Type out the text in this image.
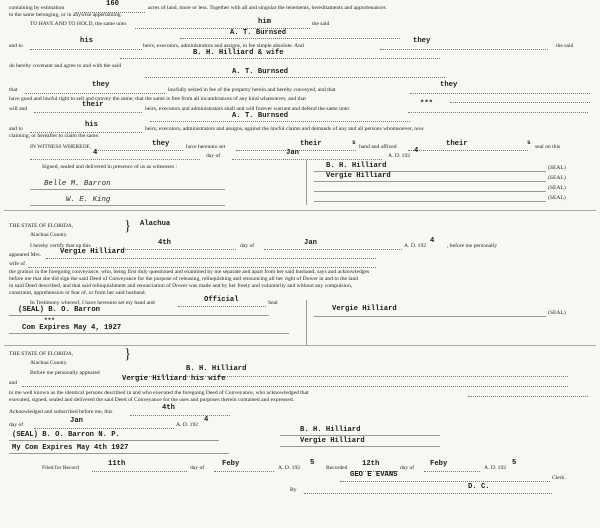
containing by estimation	160	acres of land, more or less. Together with all and singular the tenements, hereditaments and appurtenances
to the same belonging, or in anywise appertaining.
TO HAVE AND TO HOLD, the same unto	him	the said
A. T. Burnsed
and to
his
heirs, executors, administrators and assigns, in fee simple absolute. And
they
the said
B. H. Hilliard & wife
do hereby covenant and agree to and with the said
A. T. Burnsed
that
they
lawfully seized in fee of the property herein and hereby conveyed, and that
they
have good and lawful right to sell and convey the same; that the same is free from all incumbrances of any kind whatsoever, and that
will and	their	heirs, executors and administrators shall and will forever warrant and defend the same unto
***
A. T. Burnsed
and to	his	heirs, executors, administrators and assigns, against the lawful claims and demands of any and all persons whomsoever, now
claiming, or hereafter to claim the same.
IN WITNESS WHEREOF,	they	have hereunto set	their	s
hand and affixed	their	s
seal on this
4	day of	Jan	A. D. 192
4
Signed, sealed and delivered in presence of us as witnesses :	B. H. Hilliard	(SEAL)
Vergie Hilliard	(SEAL)
(SEAL)
(SEAL)
Belle M. Barron
W. E. King
THE STATE OF FLORIDA,	} Alachua
Alachua County.
I hereby certify that on this	4th	day of	Jan	A. D. 192
4
, before me personally
appeared Mrs.	Vergie Hilliard
wife of
the grantor in the foregoing conveyance, who, being first duly questioned and examined by me separate and apart from her said husband, says and acknowledges
before me that she did sign the said Deed of Conveyance for the purpose of releasing, relinquishing and renouncing all her right of Dower in and to the land
in said Deed described, and that said relinquishment and renunciation of Dower was made and by her freely and voluntarily and without any compulsion,
constraint, apprehension or fear of, or from her said husband.
In Testimony whereof, I have hereunto set my hand and	Official	Seal
(SEAL) B. O. Barron	Vergie Hilliard	(SEAL)
***
Com Expires May 4, 1927
THE STATE OF FLORIDA,	}
Alachua County.
Before me personally appeared	B. H. Hilliard
and	Vergie Hilliard his wife
to me well known as the identical persons described in and who executed the foregoing Deed of Conveyance, who acknowledged that
executed, signed, sealed and delivered the said Deed of Conveyance for the uses and purposes therein contained and expressed.
Acknowledged and subscribed before me, this	4th
day of	Jan	A. D. 192
4
(SEAL) B. O. Barron N. P.
My Com Expires May 4th 1927
B. H. Hilliard
Vergie Hilliard
Filed for Record	11th	day of Feby	A. D. 192
5
Recorded 12th	day of Feby	A. D. 192
5
GEO E EVANS	Clerk.
By	D. C.
